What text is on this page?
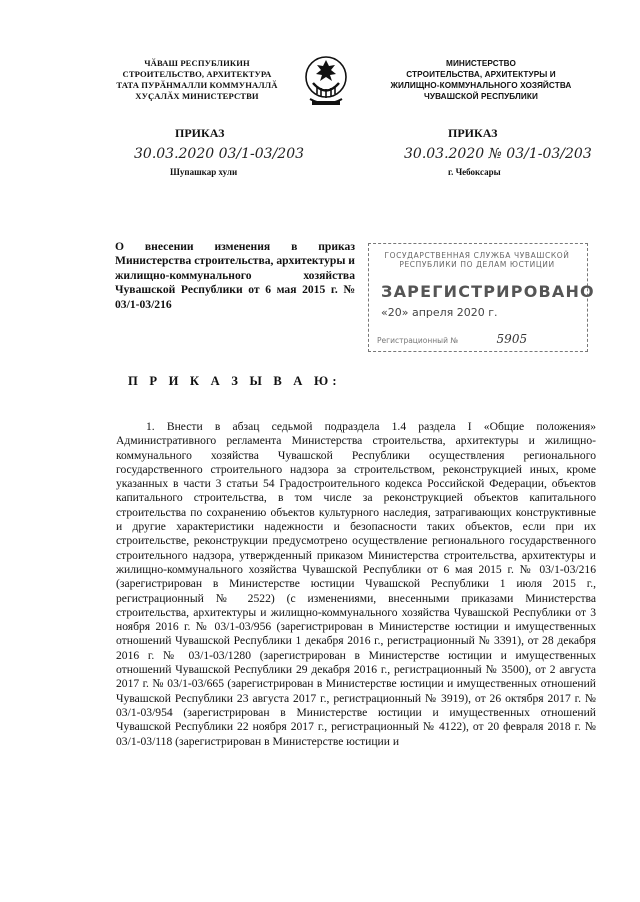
ЧӐВАШ РЕСПУБЛИКИН
СТРОИТЕЛЬСТВО, АРХИТЕКТУРА
ТАТА ПУРӐНМАЛЛИ КОММУНАЛЛӐ
ХУҪАЛӐХ МИНИСТЕРСТВИ
МИНИСТЕРСТВО
СТРОИТЕЛЬСТВА, АРХИТЕКТУРЫ И
ЖИЛИЩНО-КОММУНАЛЬНОГО ХОЗЯЙСТВА
ЧУВАШСКОЙ РЕСПУБЛИКИ
ПРИКАЗ	ПРИКАЗ
30.03.2020 03/1-03/203	30.03.2020 № 03/1-03/203
Шупашкар хули	г. Чебоксары
О внесении изменения в приказ Министерства строительства, архитектуры и жилищно-коммунального хозяйства Чувашской Республики от 6 мая 2015 г. № 03/1-03/216
ГОСУДАРСТВЕННАЯ СЛУЖБА ЧУВАШСКОЙ
РЕСПУБЛИКИ ПО ДЕЛАМ ЮСТИЦИИ
ЗАРЕГИСТРИРОВАНО
«20» апреля 2020 г.
Регистрационный №	5905
П Р И К А З Ы В А Ю:

1. Внести в абзац седьмой подраздела 1.4 раздела I «Общие положения» Административного регламента Министерства строительства, архитектуры и жилищно-коммунального хозяйства Чувашской Республики осуществления регионального государственного строительного надзора за строительством, реконструкцией иных, кроме указанных в части 3 статьи 54 Градостроительного кодекса Российской Федерации, объектов капитального строительства, в том числе за реконструкцией объектов капитального строительства по сохранению объектов культурного наследия, затрагивающих конструктивные и другие характеристики надежности и безопасности таких объектов, если при их строительстве, реконструкции предусмотрено осуществление регионального государственного строительного надзора, утвержденный приказом Министерства строительства, архитектуры и жилищно-коммунального хозяйства Чувашской Республики от 6 мая 2015 г. № 03/1-03/216 (зарегистрирован в Министерстве юстиции Чувашской Республики 1 июля 2015 г., регистрационный № 2522) (с изменениями, внесенными приказами Министерства строительства, архитектуры и жилищно-коммунального хозяйства Чувашской Республики от 3 ноября 2016 г. № 03/1-03/956 (зарегистрирован в Министерстве юстиции и имущественных отношений Чувашской Республики 1 декабря 2016 г., регистрационный № 3391), от 28 декабря 2016 г. № 03/1-03/1280 (зарегистрирован в Министерстве юстиции и имущественных отношений Чувашской Республики 29 декабря 2016 г., регистрационный № 3500), от 2 августа 2017 г. № 03/1-03/665 (зарегистрирован в Министерстве юстиции и имущественных отношений Чувашской Республики 23 августа 2017 г., регистрационный № 3919), от 26 октября 2017 г. № 03/1-03/954 (зарегистрирован в Министерстве юстиции и имущественных отношений Чувашской Республики 22 ноября 2017 г., регистрационный № 4122), от 20 февраля 2018 г. № 03/1-03/118 (зарегистрирован в Министерстве юстиции и
